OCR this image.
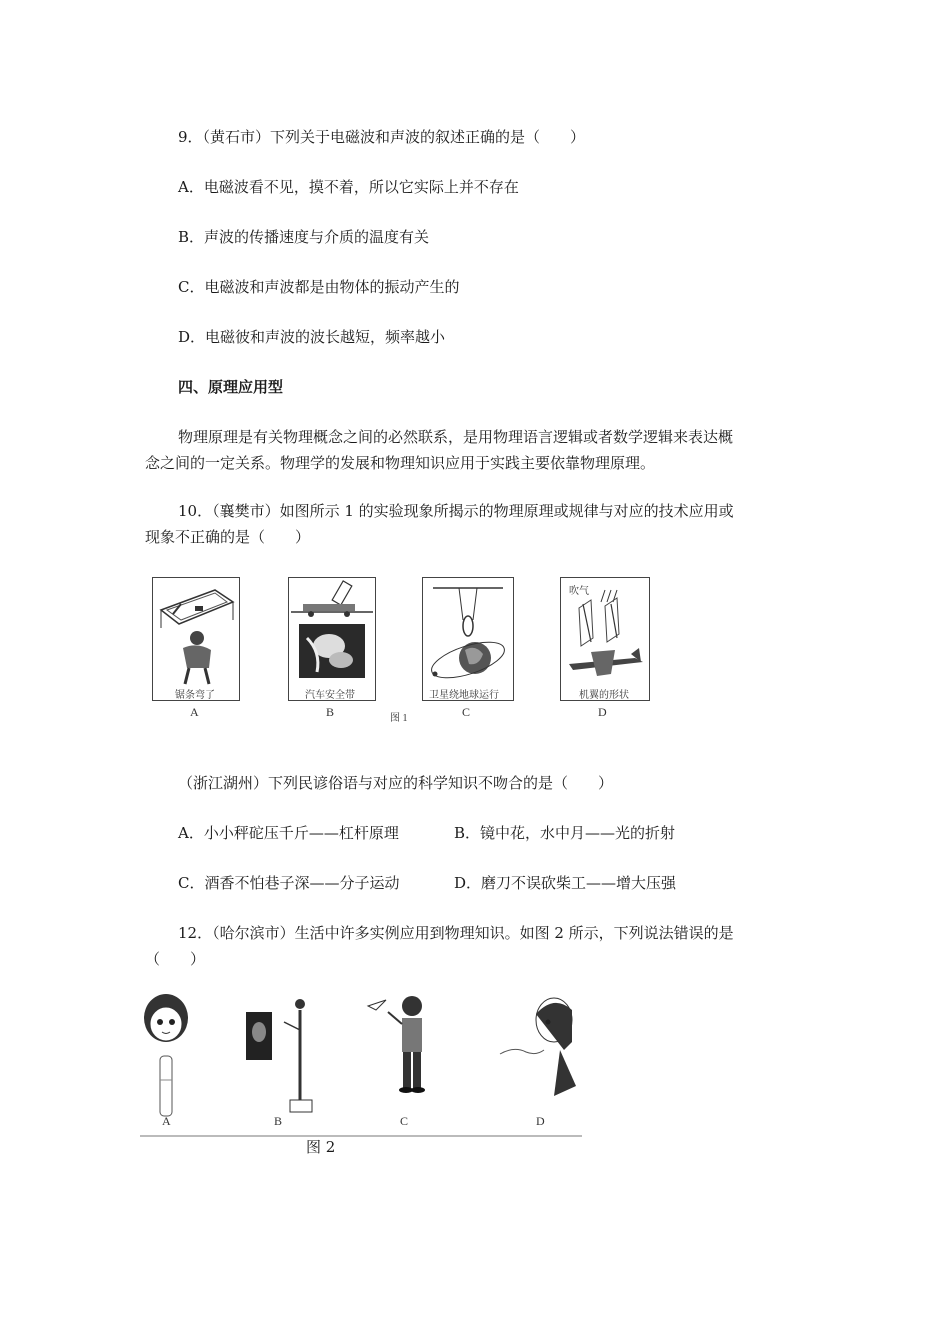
9．（黄石市）下列关于电磁波和声波的叙述正确的是（　　）
A．电磁波看不见，摸不着，所以它实际上并不存在
B．声波的传播速度与介质的温度有关
C．电磁波和声波都是由物体的振动产生的
D．电磁彼和声波的波长越短，频率越小
四、原理应用型
物理原理是有关物理概念之间的必然联系，是用物理语言逻辑或者数学逻辑来表达概
念之间的一定关系。物理学的发展和物理知识应用于实践主要依靠物理原理。
10．（襄樊市）如图所示 1 的实验现象所揭示的物理原理或规律与对应的技术应用或
现象不正确的是（　　）
锯条弯了	汽车安全带	卫星绕地球运行
吹气
机翼的形状
A	B	图 1	C	D
（浙江湖州）下列民谚俗语与对应的科学知识不吻合的是（　　）
A．小小秤砣压千斤——杠杆原理	B．镜中花，水中月——光的折射
C．酒香不怕巷子深——分子运动	D．磨刀不误砍柴工——增大压强
12．（哈尔滨市）生活中许多实例应用到物理知识。如图 2 所示，下列说法错误的是
（　　）
A	B	C	D
图 2
